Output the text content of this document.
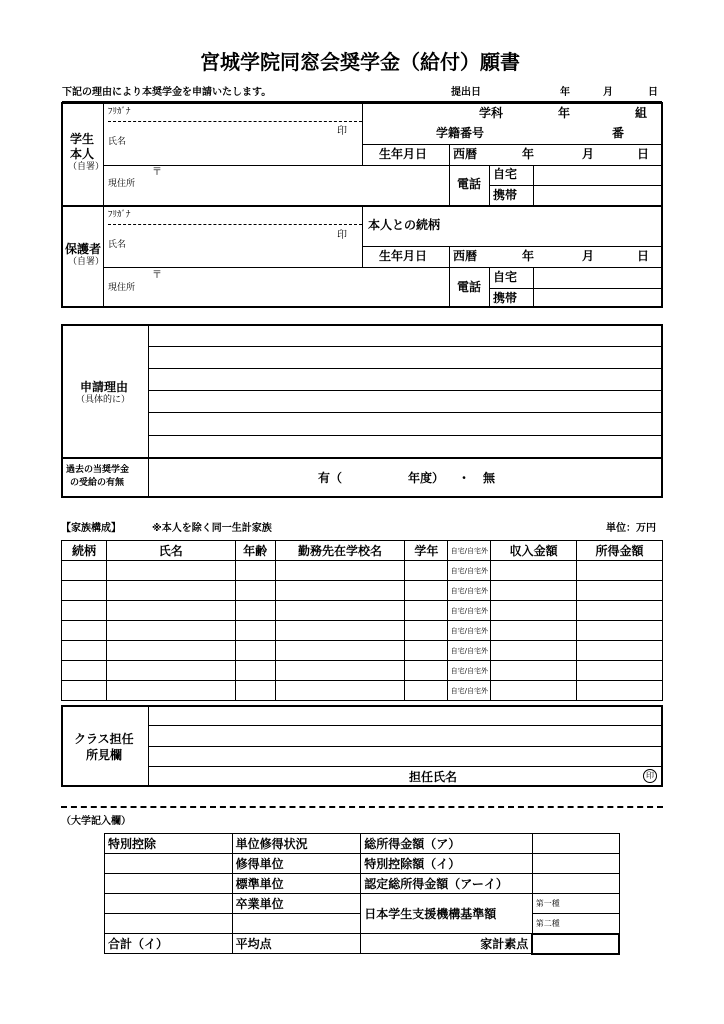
宮城学院同窓会奨学金（給付）願書
下記の理由により本奨学金を申請いたします。	提出日	年	月	日
学生
本人
（自署）
ﾌﾘｶﾞﾅ
氏名
印
学科	年	組
学籍番号	番
生年月日 西暦	年	月	日
現住所
〒
電話
自宅
携帯
保護者
（自署）
ﾌﾘｶﾞﾅ
氏名
印
本人との続柄
生年月日 西暦	年	月	日
現住所
〒
電話
自宅
携帯
申請理由
（具体的に）
過去の当奨学金
の受給の有無	有（	年度） ・ 無
【家族構成】	※本人を除く同一生計家族	単位：万円
続柄	氏名	年齢	勤務先在学校名	学年	自宅/自宅外	収入金額	所得金額
					自宅/自宅外		
					自宅/自宅外		
					自宅/自宅外		
					自宅/自宅外		
					自宅/自宅外		
					自宅/自宅外		
					自宅/自宅外		
クラス担任
所見欄
担任氏名	印
（大学記入欄）
特別控除	単位修得状況	総所得金額（ア）	
	修得単位	特別控除額（イ）	
	標準単位	認定総所得金額（アーイ）	
	卒業単位	日本学生支援機構基準額	第一種
			第二種
合計（イ）	平均点	家計素点	
